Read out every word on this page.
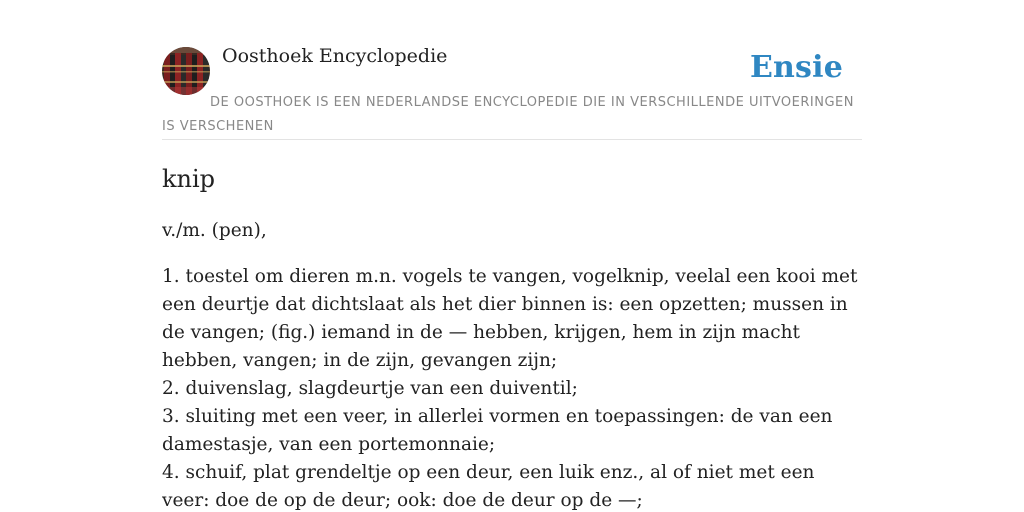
Oosthoek Encyclopedie	Ensie
DE OOSTHOEK IS EEN NEDERLANDSE ENCYCLOPEDIE DIE IN VERSCHILLENDE UITVOERINGEN IS VERSCHENEN
knip

v./m. (pen),

1. toestel om dieren m.n. vogels te vangen, vogelknip, veelal een kooi met een deurtje dat dichtslaat als het dier binnen is: een opzetten; mussen in de vangen; (fig.) iemand in de — hebben, krijgen, hem in zijn macht hebben, vangen; in de zijn, gevangen zijn;

2. duivenslag, slagdeurtje van een duiventil;

3. sluiting met een veer, in allerlei vormen en toepassingen: de van een damestasje, van een portemonnaie;

4. schuif, plat grendeltje op een deur, een luik enz., al of niet met een veer: doe de op de deur; ook: doe de deur op de —;
